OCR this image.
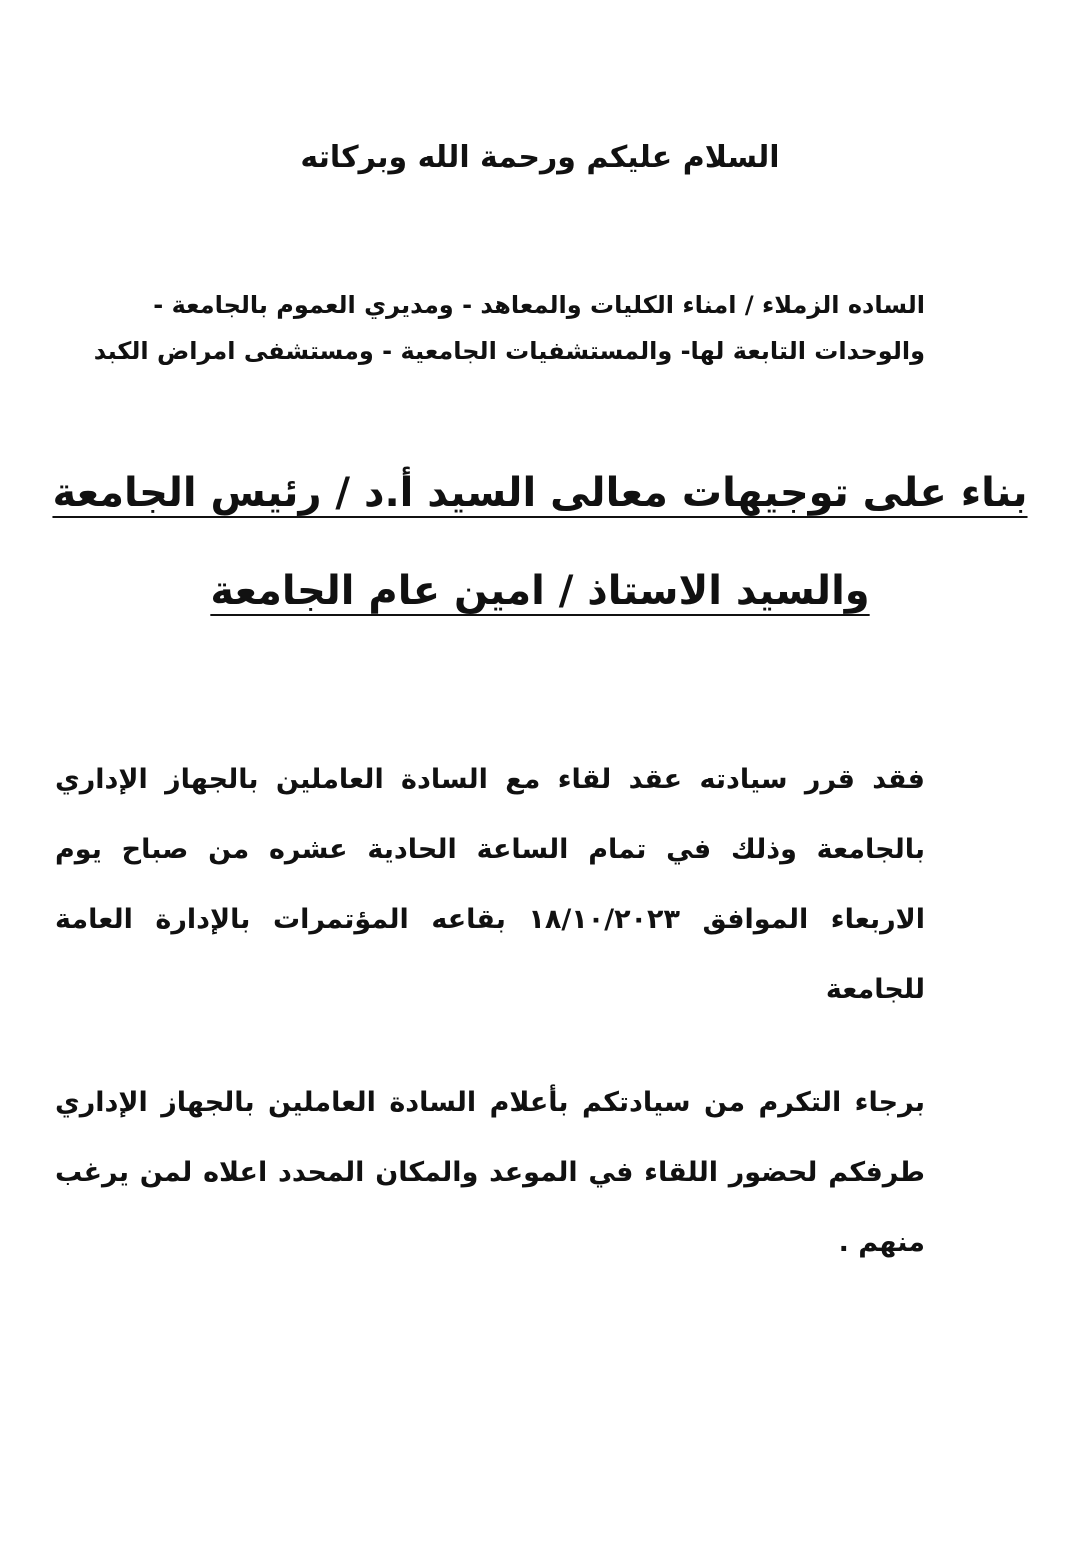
السلام عليكم ورحمة الله وبركاته
الساده الزملاء / امناء الكليات والمعاهد - ومديري العموم بالجامعة -
والوحدات التابعة لها- والمستشفيات الجامعية - ومستشفى امراض الكبد
بناء على توجيهات معالى السيد أ.د / رئيس الجامعة
والسيد الاستاذ / امين عام الجامعة
فقد قرر سيادته عقد لقاء مع السادة العاملين بالجهاز الإداري بالجامعة وذلك في تمام الساعة الحادية عشره من صباح يوم الاربعاء الموافق ١٨/١٠/٢٠٢٣ بقاعه المؤتمرات بالإدارة العامة للجامعة
برجاء التكرم من سيادتكم بأعلام السادة العاملين بالجهاز الإداري طرفكم لحضور اللقاء في الموعد والمكان المحدد اعلاه لمن يرغب منهم .
